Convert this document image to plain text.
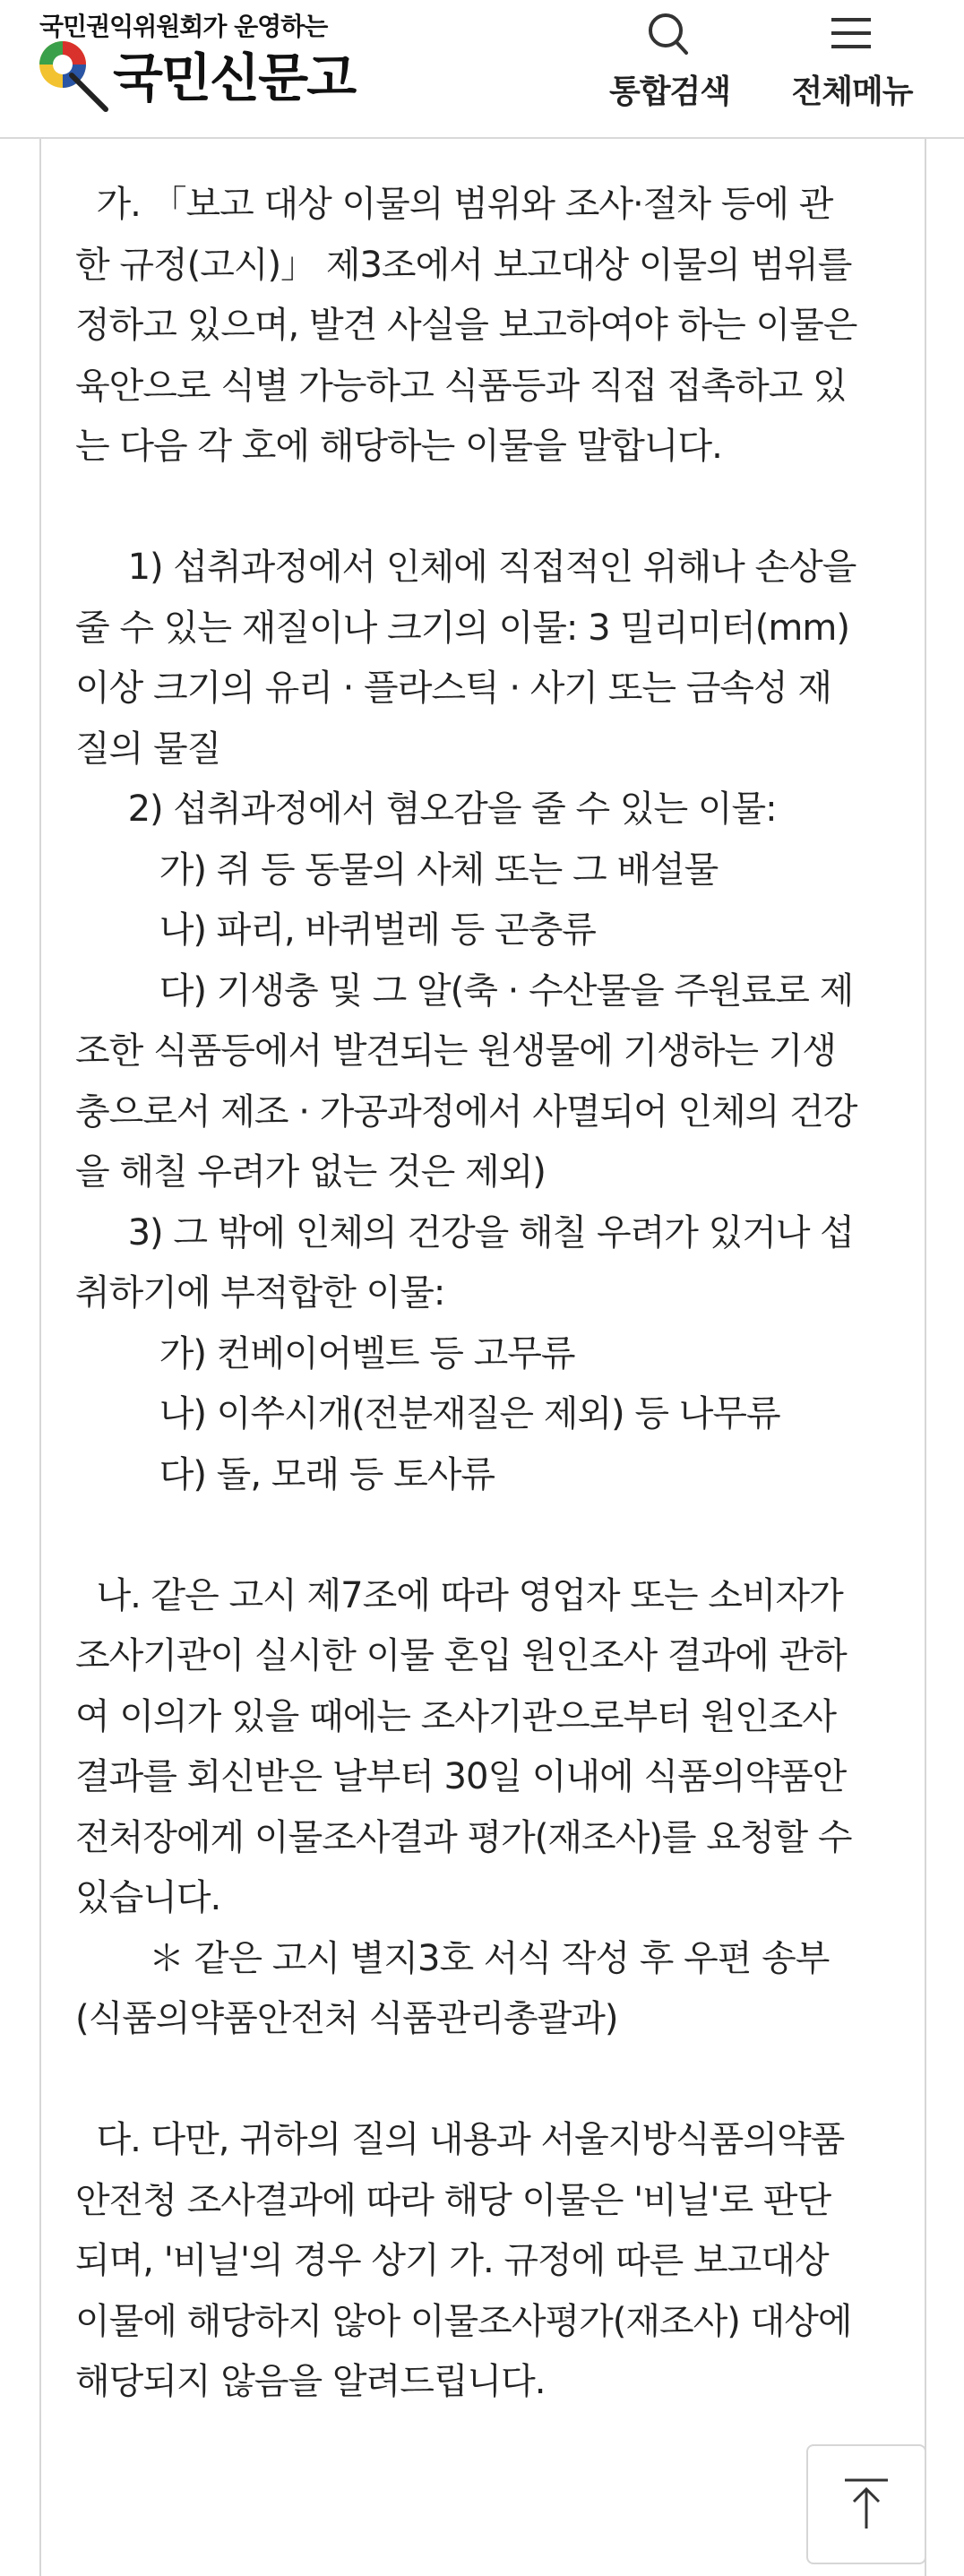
국민권익위원회가 운영하는
국민신문고	통합검색	전체메뉴

가. 「보고 대상 이물의 범위와 조사·절차 등에 관한 규정(고시)」 제3조에서 보고대상 이물의 범위를 정하고 있으며, 발견 사실을 보고하여야 하는 이물은 육안으로 식별 가능하고 식품등과 직접 접촉하고 있는 다음 각 호에 해당하는 이물을 말합니다.

1) 섭취과정에서 인체에 직접적인 위해나 손상을 줄 수 있는 재질이나 크기의 이물: 3 밀리미터(mm) 이상 크기의 유리 · 플라스틱 · 사기 또는 금속성 재질의 물질

2) 섭취과정에서 혐오감을 줄 수 있는 이물:

가) 쥐 등 동물의 사체 또는 그 배설물

나) 파리, 바퀴벌레 등 곤충류

다) 기생충 및 그 알(축 · 수산물을 주원료로 제조한 식품등에서 발견되는 원생물에 기생하는 기생충으로서 제조 · 가공과정에서 사멸되어 인체의 건강을 해칠 우려가 없는 것은 제외)

3) 그 밖에 인체의 건강을 해칠 우려가 있거나 섭취하기에 부적합한 이물:

가) 컨베이어벨트 등 고무류

나) 이쑤시개(전분재질은 제외) 등 나무류

다) 돌, 모래 등 토사류

나. 같은 고시 제7조에 따라 영업자 또는 소비자가 조사기관이 실시한 이물 혼입 원인조사 결과에 관하여 이의가 있을 때에는 조사기관으로부터 원인조사 결과를 회신받은 날부터 30일 이내에 식품의약품안전처장에게 이물조사결과 평가(재조사)를 요청할 수 있습니다.

＊ 같은 고시 별지3호 서식 작성 후 우편 송부(식품의약품안전처 식품관리총괄과)

다. 다만, 귀하의 질의 내용과 서울지방식품의약품안전청 조사결과에 따라 해당 이물은 '비닐'로 판단되며, '비닐'의 경우 상기 가. 규정에 따른 보고대상 이물에 해당하지 않아 이물조사평가(재조사) 대상에 해당되지 않음을 알려드립니다.
